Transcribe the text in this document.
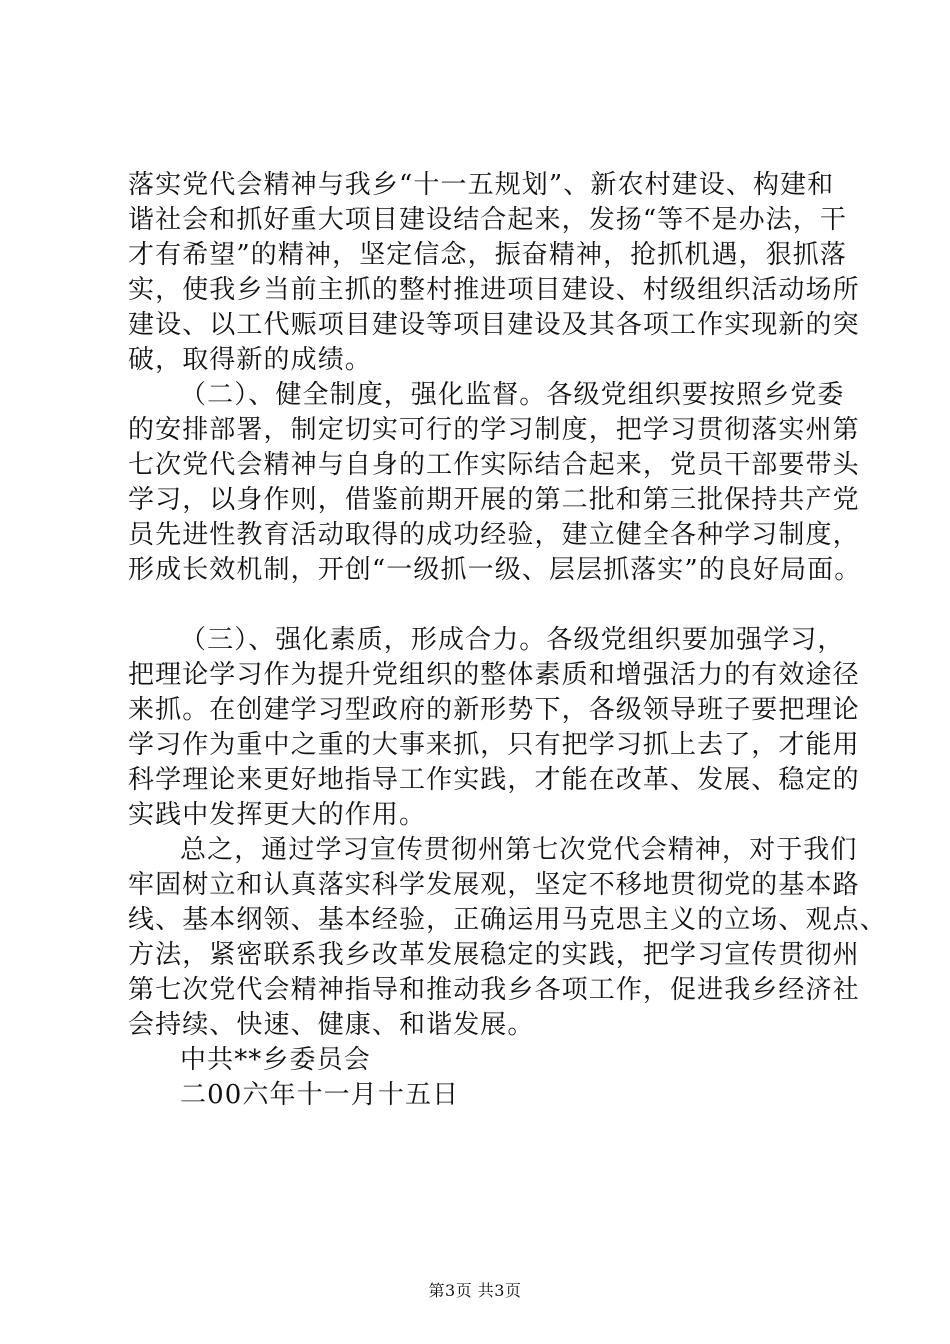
落实党代会精神与我乡“十一五规划”、新农村建设、构建和
谐社会和抓好重大项目建设结合起来，发扬“等不是办法，干
才有希望”的精神，坚定信念，振奋精神，抢抓机遇，狠抓落
实，使我乡当前主抓的整村推进项目建设、村级组织活动场所
建设、以工代赈项目建设等项目建设及其各项工作实现新的突
破，取得新的成绩。
（二）、健全制度，强化监督。各级党组织要按照乡党委
的安排部署，制定切实可行的学习制度，把学习贯彻落实州第
七次党代会精神与自身的工作实际结合起来，党员干部要带头
学习，以身作则，借鉴前期开展的第二批和第三批保持共产党
员先进性教育活动取得的成功经验，建立健全各种学习制度，
形成长效机制，开创“一级抓一级、层层抓落实”的良好局面。
（三）、强化素质，形成合力。各级党组织要加强学习，
把理论学习作为提升党组织的整体素质和增强活力的有效途径
来抓。在创建学习型政府的新形势下，各级领导班子要把理论
学习作为重中之重的大事来抓，只有把学习抓上去了，才能用
科学理论来更好地指导工作实践，才能在改革、发展、稳定的
实践中发挥更大的作用。
总之，通过学习宣传贯彻州第七次党代会精神，对于我们
牢固树立和认真落实科学发展观，坚定不移地贯彻党的基本路
线、基本纲领、基本经验，正确运用马克思主义的立场、观点、
方法，紧密联系我乡改革发展稳定的实践，把学习宣传贯彻州
第七次党代会精神指导和推动我乡各项工作，促进我乡经济社
会持续、快速、健康、和谐发展。
中共**乡委员会
二00六年十一月十五日
第3页 共3页
